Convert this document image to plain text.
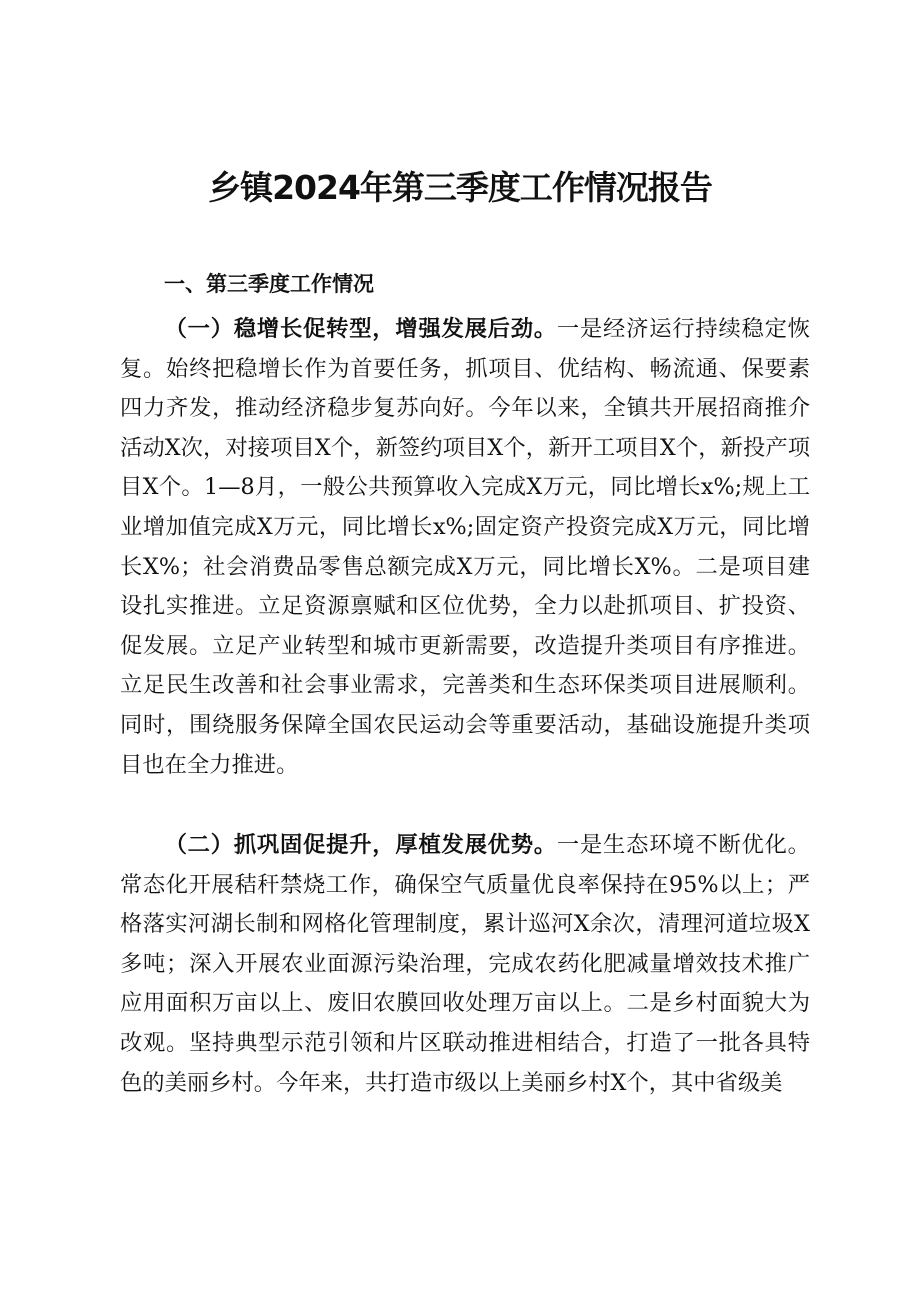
乡镇2024年第三季度工作情况报告
一、第三季度工作情况

（一）稳增长促转型，增强发展后劲。一是经济运行持续稳定恢复。始终把稳增长作为首要任务，抓项目、优结构、畅流通、保要素四力齐发，推动经济稳步复苏向好。今年以来，全镇共开展招商推介活动X次，对接项目X个，新签约项目X个，新开工项目X个，新投产项目X个。1—8月，一般公共预算收入完成X万元，同比增长x%;规上工业增加值完成X万元，同比增长x%;固定资产投资完成X万元，同比增长X%；社会消费品零售总额完成X万元，同比增长X%。二是项目建设扎实推进。立足资源禀赋和区位优势，全力以赴抓项目、扩投资、促发展。立足产业转型和城市更新需要，改造提升类项目有序推进。立足民生改善和社会事业需求，完善类和生态环保类项目进展顺利。同时，围绕服务保障全国农民运动会等重要活动，基础设施提升类项目也在全力推进。

（二）抓巩固促提升，厚植发展优势。一是生态环境不断优化。常态化开展秸秆禁烧工作，确保空气质量优良率保持在95%以上；严格落实河湖长制和网格化管理制度，累计巡河X余次，清理河道垃圾X多吨；深入开展农业面源污染治理，完成农药化肥减量增效技术推广应用面积万亩以上、废旧农膜回收处理万亩以上。二是乡村面貌大为改观。坚持典型示范引领和片区联动推进相结合，打造了一批各具特色的美丽乡村。今年来，共打造市级以上美丽乡村X个，其中省级美
